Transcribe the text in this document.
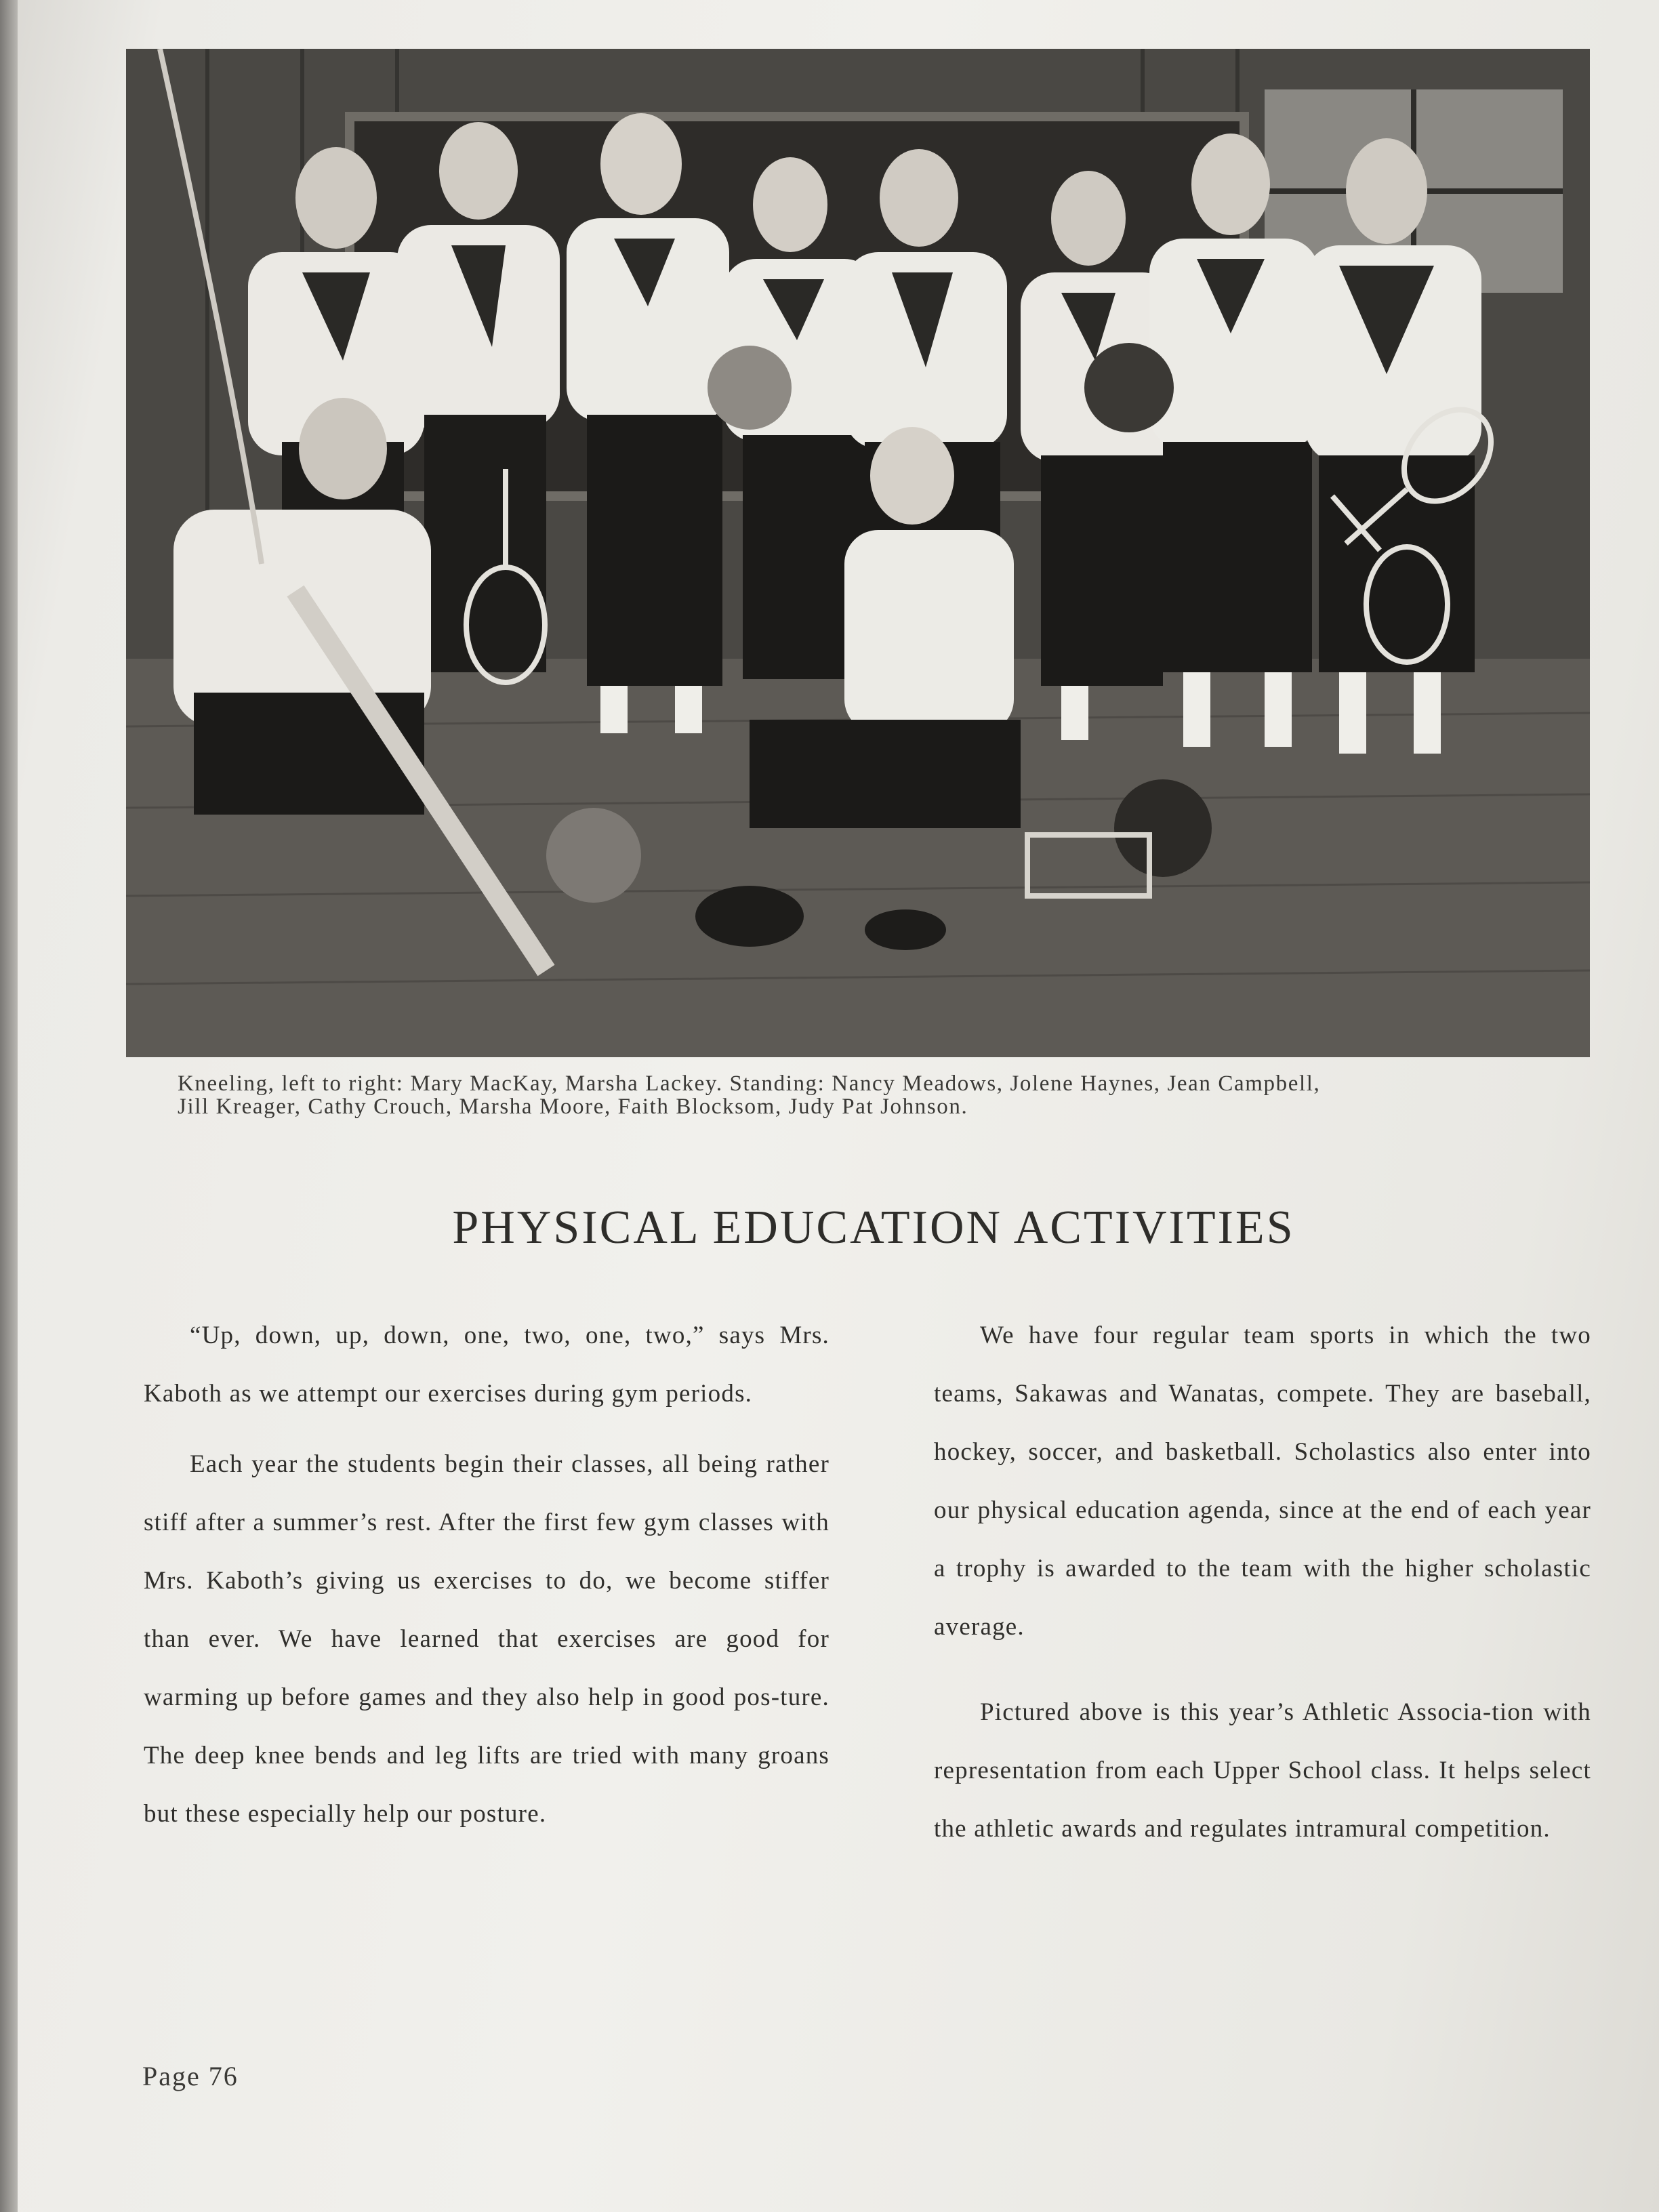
Kneeling, left to right: Mary MacKay, Marsha Lackey. Standing: Nancy Meadows, Jolene Haynes, Jean Campbell,

Jill Kreager, Cathy Crouch, Marsha Moore, Faith Blocksom, Judy Pat Johnson.

PHYSICAL EDUCATION ACTIVITIES

“Up, down, up, down, one, two, one, two,” says Mrs. Kaboth as we attempt our exercises during gym periods.

Each year the students begin their classes, all being rather stiff after a summer’s rest. After the first few gym classes with Mrs. Kaboth’s giving us exercises to do, we become stiffer than ever. We have learned that exercises are good for warming up before games and they also help in good pos-ture. The deep knee bends and leg lifts are tried with many groans but these especially help our posture.

We have four regular team sports in which the two teams, Sakawas and Wanatas, compete. They are baseball, hockey, soccer, and basketball. Scholastics also enter into our physical education agenda, since at the end of each year a trophy is awarded to the team with the higher scholastic average.

Pictured above is this year’s Athletic Associa-tion with representation from each Upper School class. It helps select the athletic awards and regulates intramural competition.

Page 76
